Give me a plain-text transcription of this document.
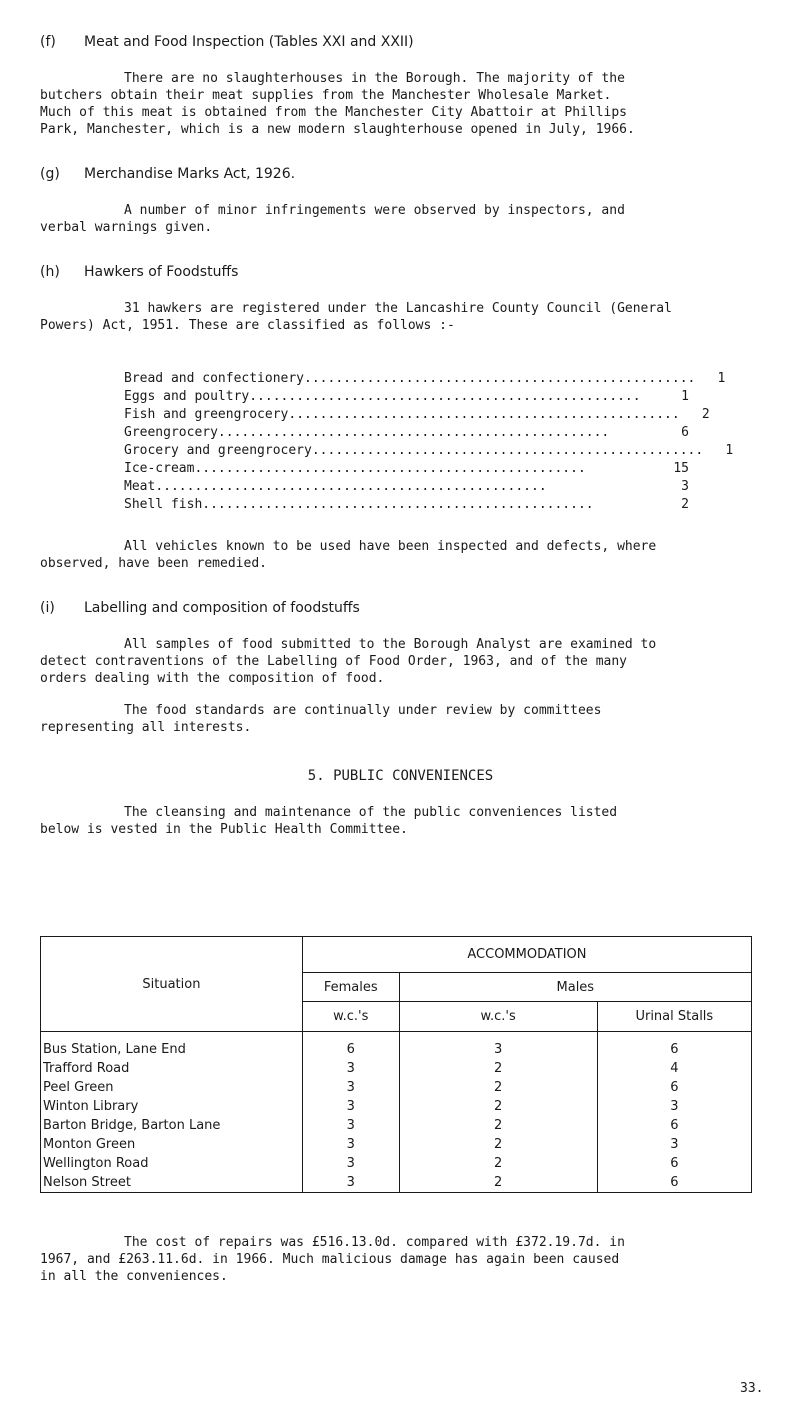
(f) Meat and Food Inspection (Tables XXI and XXII)
There are no slaughterhouses in the Borough. The majority of the
butchers obtain their meat supplies from the Manchester Wholesale Market.
Much of this meat is obtained from the Manchester City Abattoir at Phillips
Park, Manchester, which is a new modern slaughterhouse opened in July, 1966.
(g) Merchandise Marks Act, 1926.
A number of minor infringements were observed by inspectors, and
verbal warnings given.
(h) Hawkers of Foodstuffs
31 hawkers are registered under the Lancashire County Council (General
Powers) Act, 1951. These are classified as follows :-
Bread and confectionery ..................................................	1
Eggs and poultry ..................................................	1
Fish and greengrocery ..................................................	2
Greengrocery ..................................................	6
Grocery and greengrocery ..................................................	1
Ice-cream ..................................................	15
Meat ..................................................	3
Shell fish ..................................................	2
All vehicles known to be used have been inspected and defects, where
observed, have been remedied.
(i) Labelling and composition of foodstuffs
All samples of food submitted to the Borough Analyst are examined to
detect contraventions of the Labelling of Food Order, 1963, and of the many
orders dealing with the composition of food.
The food standards are continually under review by committees
representing all interests.
5. PUBLIC CONVENIENCES
The cleansing and maintenance of the public conveniences listed
below is vested in the Public Health Committee.
Situation	ACCOMMODATION		
	Females	Males	
	w.c.'s	w.c.'s	Urinal Stalls
Bus Station, Lane End	6	3	6
Trafford Road	3	2	4
Peel Green	3	2	6
Winton Library	3	2	3
Barton Bridge, Barton Lane	3	2	6
Monton Green	3	2	3
Wellington Road	3	2	6
Nelson Street	3	2	6
The cost of repairs was £516.13.0d. compared with £372.19.7d. in
1967, and £263.11.6d. in 1966. Much malicious damage has again been caused
in all the conveniences.
33.
